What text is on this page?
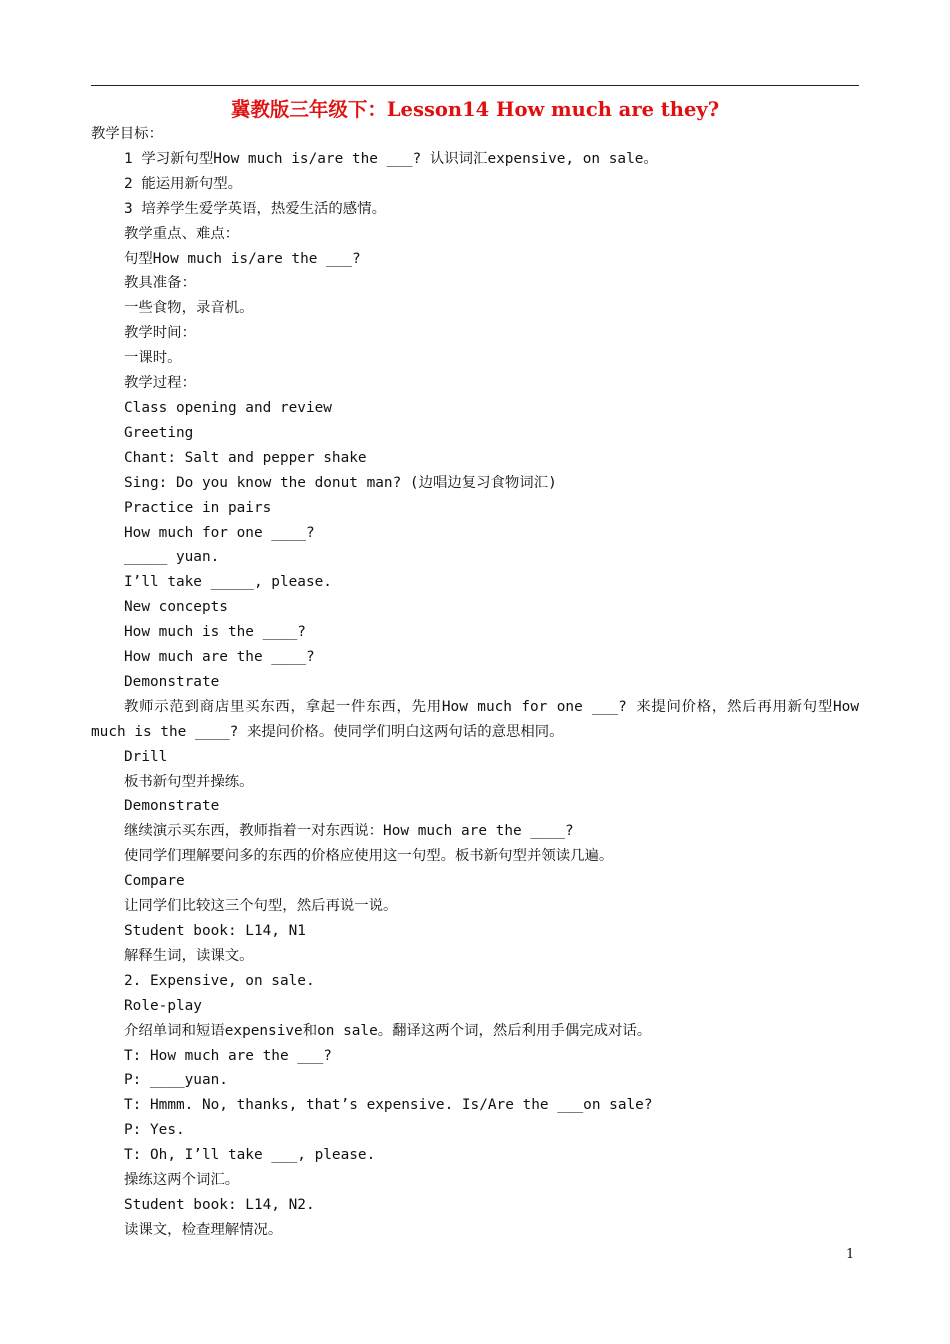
冀教版三年级下：Lesson14 How much are they?
教学目标：
1 学习新句型How much is/are the ___? 认识词汇expensive, on sale。
2 能运用新句型。
3 培养学生爱学英语，热爱生活的感情。
教学重点、难点：
句型How much is/are the ___?
教具准备：
一些食物，录音机。
教学时间：
一课时。
教学过程：
Class opening and review
Greeting
Chant: Salt and pepper shake
Sing: Do you know the donut man? (边唱边复习食物词汇)
Practice in pairs
How much for one ____?
_____ yuan.
I’ll take _____, please.
New concepts
How much is the ____?
How much are the ____?
Demonstrate
教师示范到商店里买东西，拿起一件东西，先用How much for one ___? 来提问价格，然后再用新句型How much is the ____? 来提问价格。使同学们明白这两句话的意思相同。
Drill
板书新句型并操练。
Demonstrate
继续演示买东西，教师指着一对东西说：How much are the ____?
使同学们理解要问多的东西的价格应使用这一句型。板书新句型并领读几遍。
Compare
让同学们比较这三个句型，然后再说一说。
Student book: L14, N1
解释生词，读课文。
2. Expensive, on sale.
Role-play
介绍单词和短语expensive和on sale。翻译这两个词，然后利用手偶完成对话。
T: How much are the ___?
P: ____yuan.
T: Hmmm. No, thanks, that’s expensive. Is/Are the ___on sale?
P: Yes.
T: Oh, I’ll take ___, please.
操练这两个词汇。
Student book: L14, N2.
读课文，检查理解情况。
1
